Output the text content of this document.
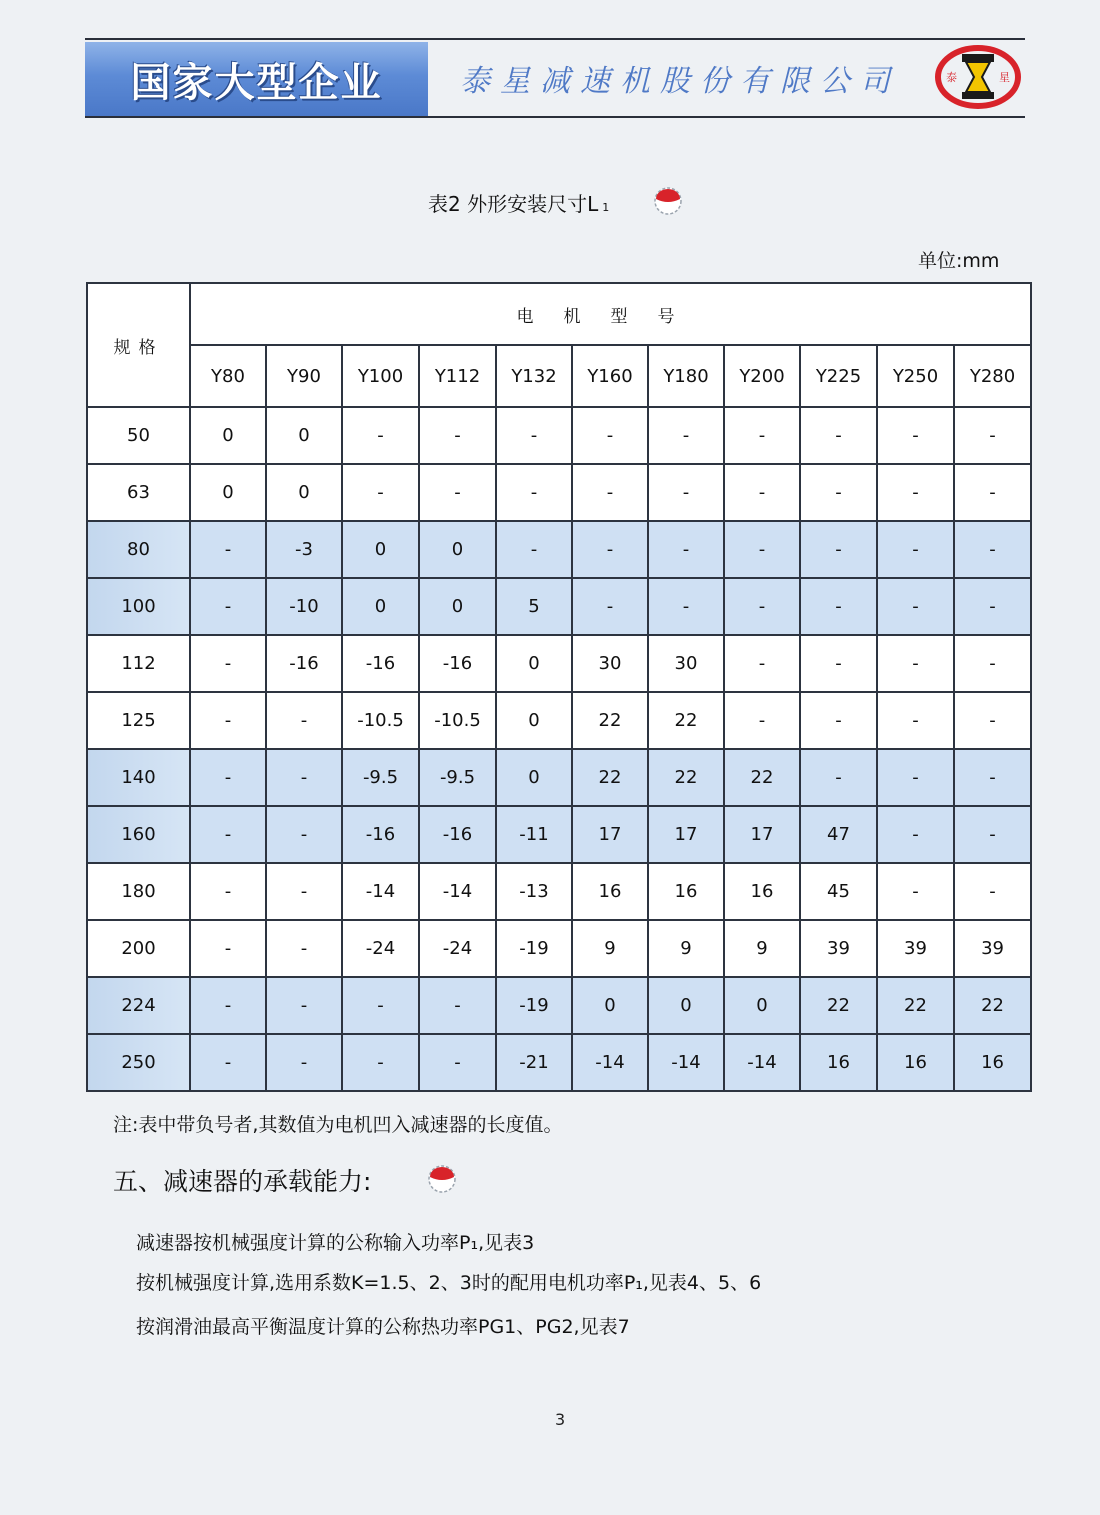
国家大型企业	泰星减速机股份有限公司	泰	星
表2 外形安装尺寸L 1
单位:mm
规格	电机型号										
	Y80	Y90	Y100	Y112	Y132	Y160	Y180	Y200	Y225	Y250	Y280
50	0	0	-	-	-	-	-	-	-	-	-
63	0	0	-	-	-	-	-	-	-	-	-
80	-	-3	0	0	-	-	-	-	-	-	-
100	-	-10	0	0	5	-	-	-	-	-	-
112	-	-16	-16	-16	0	30	30	-	-	-	-
125	-	-	-10.5	-10.5	0	22	22	-	-	-	-
140	-	-	-9.5	-9.5	0	22	22	22	-	-	-
160	-	-	-16	-16	-11	17	17	17	47	-	-
180	-	-	-14	-14	-13	16	16	16	45	-	-
200	-	-	-24	-24	-19	9	9	9	39	39	39
224	-	-	-	-	-19	0	0	0	22	22	22
250	-	-	-	-	-21	-14	-14	-14	16	16	16
注:表中带负号者,其数值为电机凹入减速器的长度值。
五、减速器的承载能力:
减速器按机械强度计算的公称输入功率P₁,见表3
按机械强度计算,选用系数K=1.5、2、3时的配用电机功率P₁,见表4、5、6
按润滑油最高平衡温度计算的公称热功率PG1、PG2,见表7
3
